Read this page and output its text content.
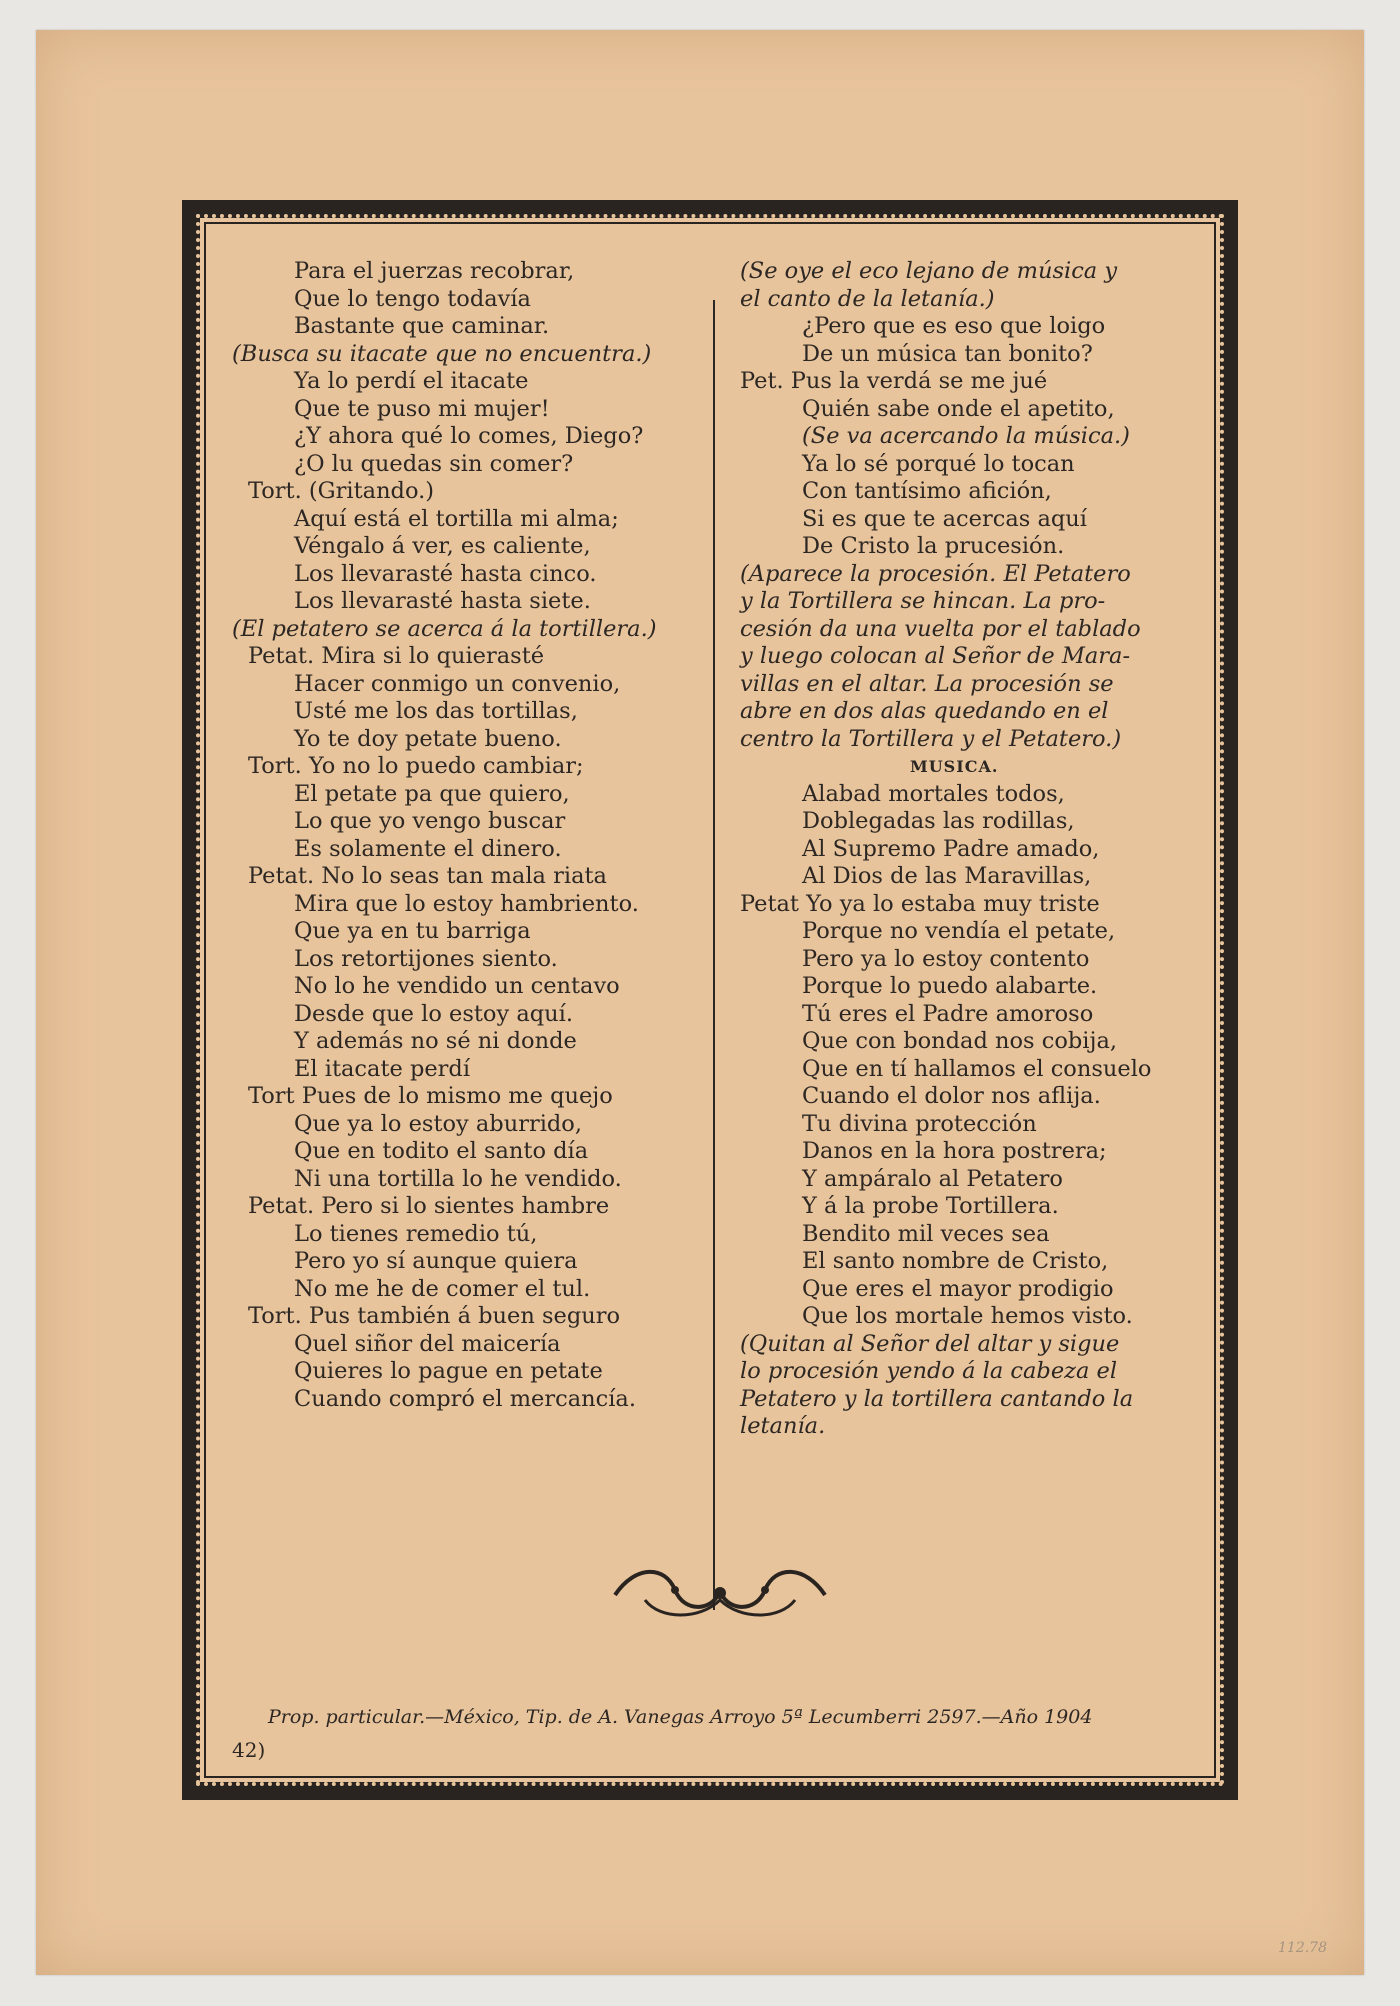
Para el juerzas recobrar,
Que lo tengo todavía
Bastante que caminar.
(Busca su itacate que no encuentra.)
Ya lo perdí el itacate
Que te puso mi mujer!
¿Y ahora qué lo comes, Diego?
¿O lu quedas sin comer?
Tort. (Gritando.)
Aquí está el tortilla mi alma;
Véngalo á ver, es caliente,
Los llevarasté hasta cinco.
Los llevarasté hasta siete.
(El petatero se acerca á la tortillera.)
Petat. Mira si lo quierasté
Hacer conmigo un convenio,
Usté me los das tortillas,
Yo te doy petate bueno.
Tort. Yo no lo puedo cambiar;
El petate pa que quiero,
Lo que yo vengo buscar
Es solamente el dinero.
Petat. No lo seas tan mala riata
Mira que lo estoy hambriento.
Que ya en tu barriga
Los retortijones siento.
No lo he vendido un centavo
Desde que lo estoy aquí.
Y además no sé ni donde
El itacate perdí
Tort Pues de lo mismo me quejo
Que ya lo estoy aburrido,
Que en todito el santo día
Ni una tortilla lo he vendido.
Petat. Pero si lo sientes hambre
Lo tienes remedio tú,
Pero yo sí aunque quiera
No me he de comer el tul.
Tort. Pus también á buen seguro
Quel siñor del maicería
Quieres lo pague en petate
Cuando compró el mercancía.
(Se oye el eco lejano de música y
el canto de la letanía.)
¿Pero que es eso que loigo
De un música tan bonito?
Pet. Pus la verdá se me jué
Quién sabe onde el apetito,
(Se va acercando la música.)
Ya lo sé porqué lo tocan
Con tantísimo afición,
Si es que te acercas aquí
De Cristo la prucesión.
(Aparece la procesión. El Petatero
y la Tortillera se hincan. La pro-
cesión da una vuelta por el tablado
y luego colocan al Señor de Mara-
villas en el altar. La procesión se
abre en dos alas quedando en el
centro la Tortillera y el Petatero.)
MUSICA.
Alabad mortales todos,
Doblegadas las rodillas,
Al Supremo Padre amado,
Al Dios de las Maravillas,
Petat Yo ya lo estaba muy triste
Porque no vendía el petate,
Pero ya lo estoy contento
Porque lo puedo alabarte.
Tú eres el Padre amoroso
Que con bondad nos cobija,
Que en tí hallamos el consuelo
Cuando el dolor nos aflija.
Tu divina protección
Danos en la hora postrera;
Y ampáralo al Petatero
Y á la probe Tortillera.
Bendito mil veces sea
El santo nombre de Cristo,
Que eres el mayor prodigio
Que los mortale hemos visto.
(Quitan al Señor del altar y sigue
lo procesión yendo á la cabeza el
Petatero y la tortillera cantando la
letanía.
Prop. particular.—México, Tip. de A. Vanegas Arroyo 5ª Lecumberri 2597.—Año 1904
42)
112.78
